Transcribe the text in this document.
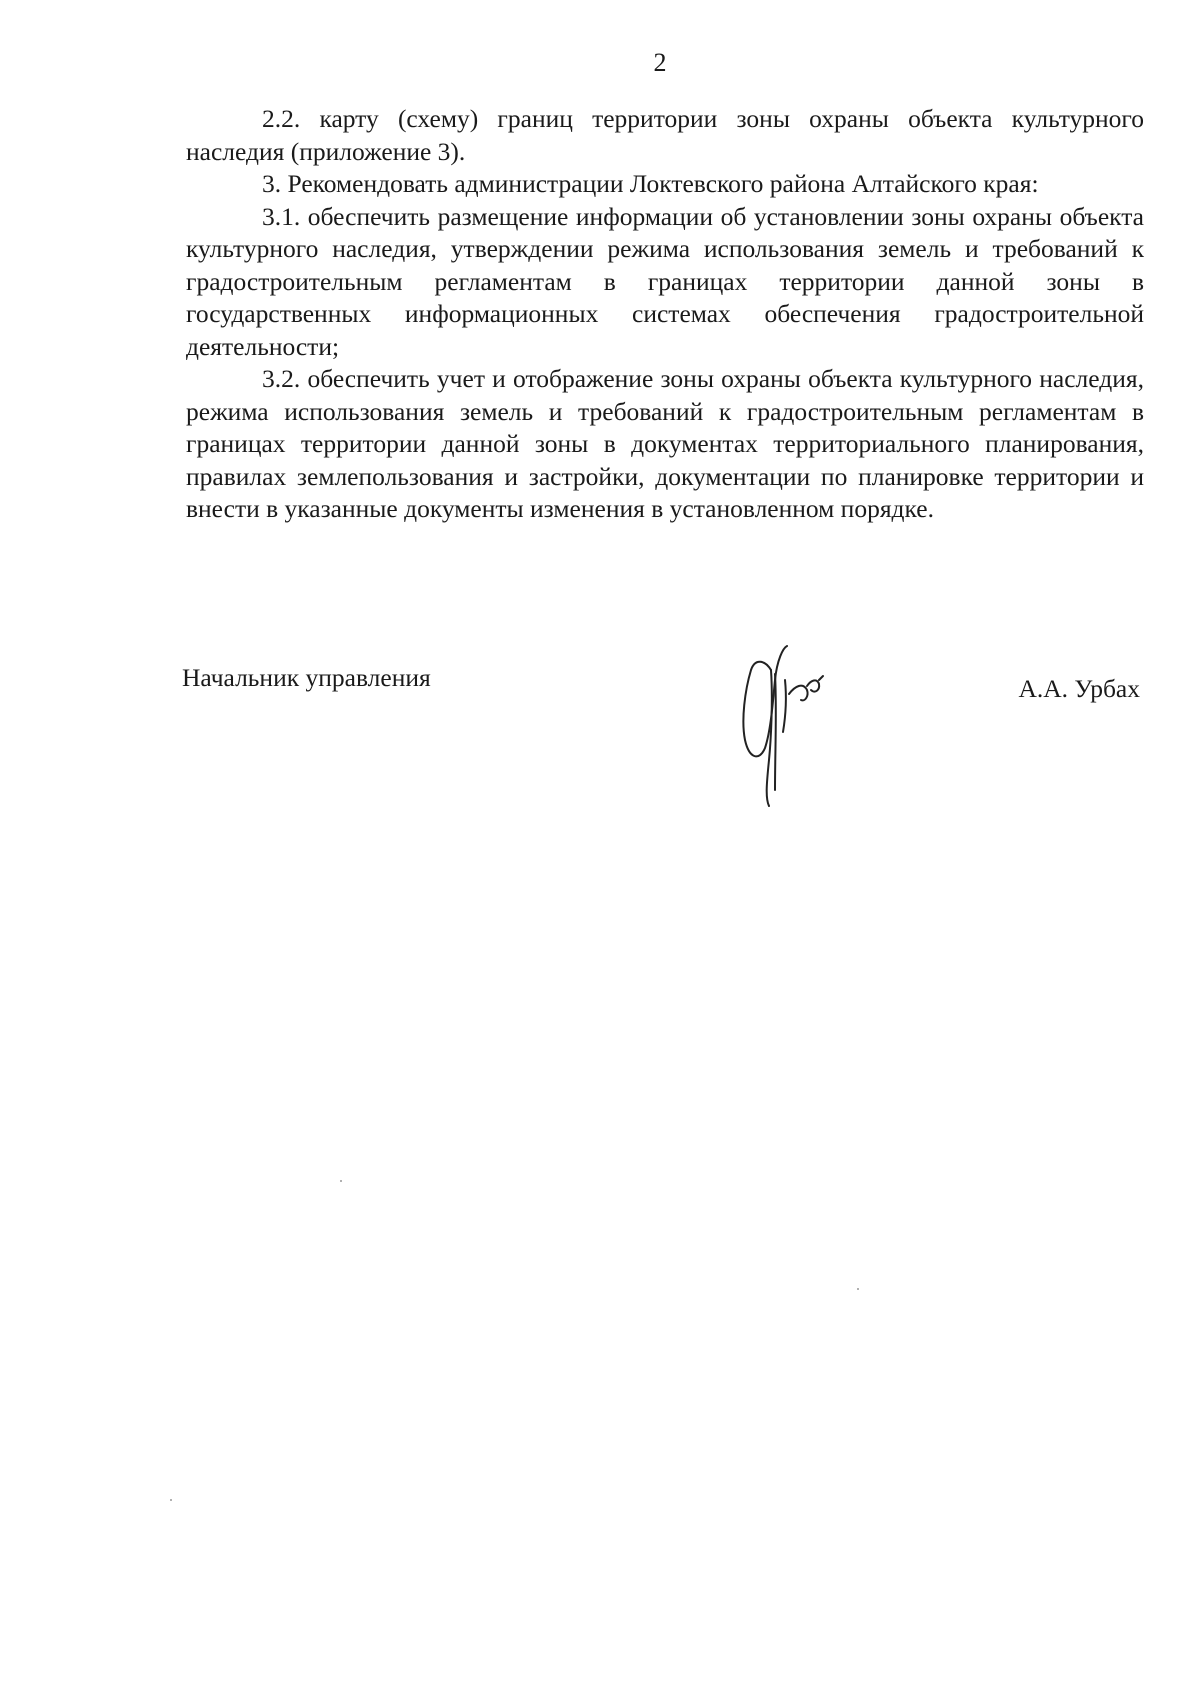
2

2.2. карту (схему) границ территории зоны охраны объекта культурного наследия (приложение 3).

3. Рекомендовать администрации Локтевского района Алтайского края:

3.1. обеспечить размещение информации об установлении зоны охраны объекта культурного наследия, утверждении режима использования земель и требований к градостроительным регламентам в границах территории данной зоны в государственных информационных системах обеспечения градостроительной деятельности;

3.2. обеспечить учет и отображение зоны охраны объекта культурного наследия, режима использования земель и требований к градостроительным регламентам в границах территории данной зоны в документах территориального планирования, правилах землепользования и застройки, документации по планировке территории и внести в указанные документы изменения в установленном порядке.

Начальник управления	А.А. Урбах
